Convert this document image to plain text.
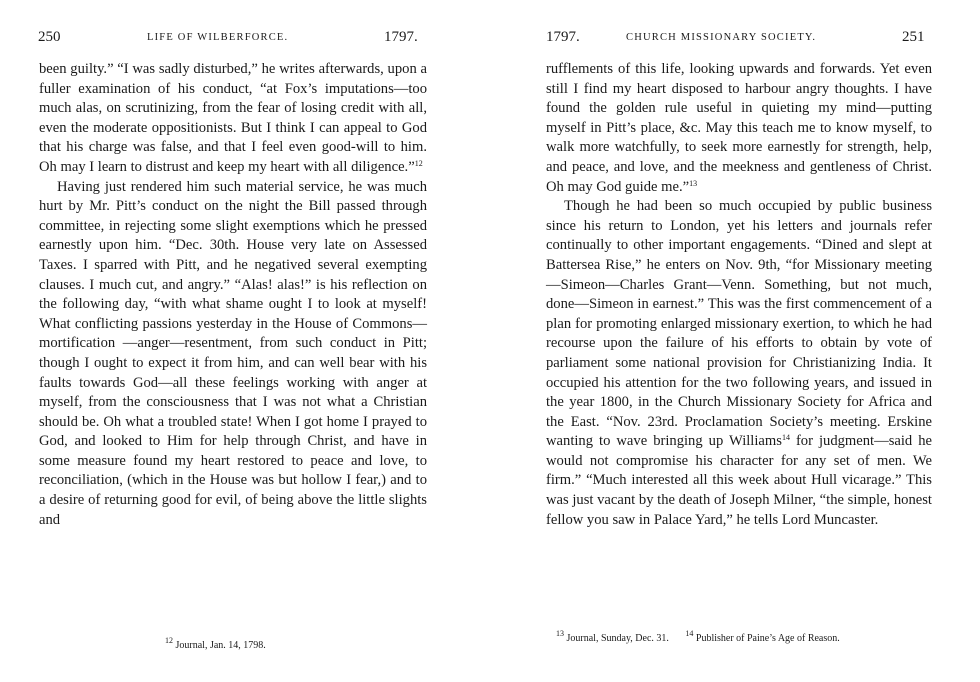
250	LIFE OF WILBERFORCE.	1797.

been guilty.” “I was sadly disturbed,” he writes afterwards, upon a fuller examination of his conduct, “at Fox’s imputations—too much alas, on scrutinizing, from the fear of losing credit with all, even the moderate oppositionists. But I think I can appeal to God that his charge was false, and that I feel even good-will to him. Oh may I learn to distrust and keep my heart with all diligence.”$^{12}$

Having just rendered him such material service, he was much hurt by Mr. Pitt’s conduct on the night the Bill passed through committee, in rejecting some slight exemptions which he pressed earnestly upon him. “Dec. 30th. House very late on Assessed Taxes. I sparred with Pitt, and he negatived several exempting clauses. I much cut, and angry.” “Alas! alas!” is his reflection on the following day, “with what shame ought I to look at myself! What conflicting passions yesterday in the House of Commons—mortification —anger—resentment, from such conduct in Pitt; though I ought to expect it from him, and can well bear with his faults towards God—all these feelings working with anger at myself, from the consciousness that I was not what a Christian should be. Oh what a troubled state! When I got home I prayed to God, and looked to Him for help through Christ, and have in some measure found my heart restored to peace and love, to reconciliation, (which in the House was but hollow I fear,) and to a desire of returning good for evil, of being above the little slights and

$^{12}$ Journal, Jan. 14, 1798.
1797.	CHURCH MISSIONARY SOCIETY.	251

rufflements of this life, looking upwards and forwards. Yet even still I find my heart disposed to harbour angry thoughts. I have found the golden rule useful in quieting my mind—putting myself in Pitt’s place, &c. May this teach me to know myself, to walk more watchfully, to seek more earnestly for strength, help, and peace, and love, and the meekness and gentleness of Christ. Oh may God guide me.”$^{13}$

Though he had been so much occupied by public business since his return to London, yet his letters and journals refer continually to other important engagements. “Dined and slept at Battersea Rise,” he enters on Nov. 9th, “for Missionary meeting—Simeon—Charles Grant—Venn. Something, but not much, done—Simeon in earnest.” This was the first commencement of a plan for promoting enlarged missionary exertion, to which he had recourse upon the failure of his efforts to obtain by vote of parliament some national provision for Christianizing India. It occupied his attention for the two following years, and issued in the year 1800, in the Church Missionary Society for Africa and the East. “Nov. 23rd. Proclamation Society’s meeting. Erskine wanting to wave bringing up Williams$^{14}$ for judgment—said he would not compromise his character for any set of men. We firm.” “Much interested all this week about Hull vicarage.” This was just vacant by the death of Joseph Milner, “the simple, honest fellow you saw in Palace Yard,” he tells Lord Muncaster.

$^{13}$ Journal, Sunday, Dec. 31. $^{14}$ Publisher of Paine’s Age of Reason.
